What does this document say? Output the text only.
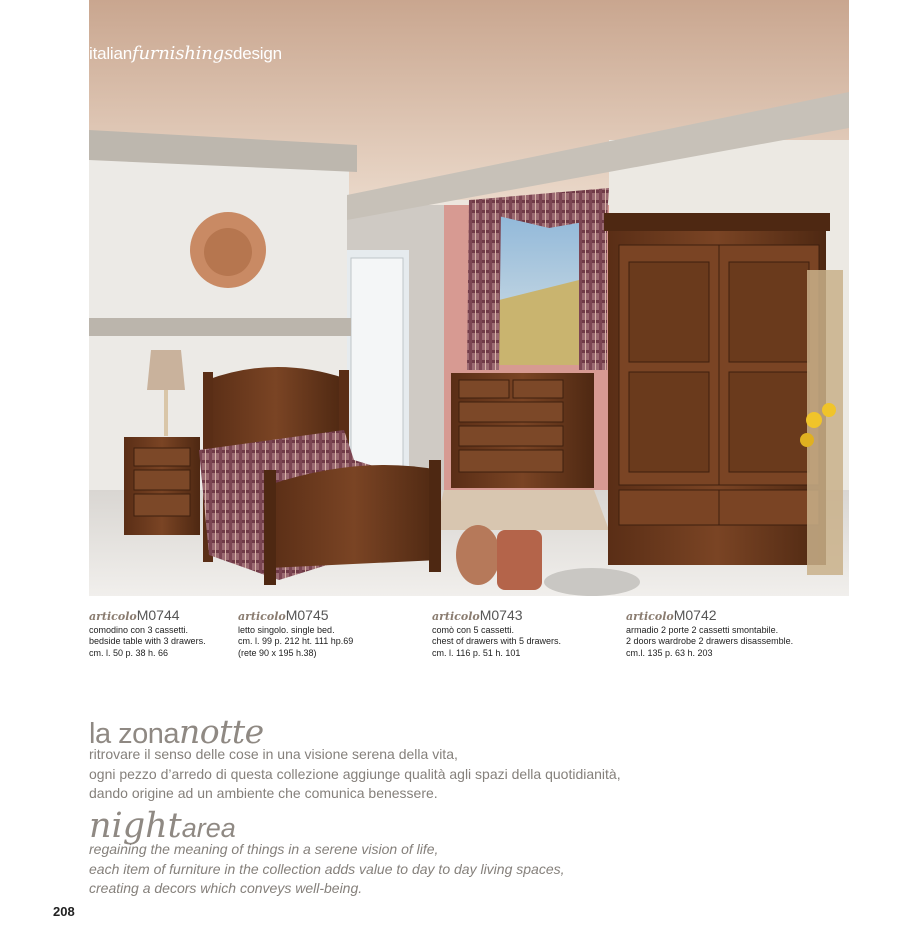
italianfurnishingsdesign
articolo M0744
comodino con 3 cassetti.
bedside table with 3 drawers.
cm. l. 50 p. 38 h. 66
articolo M0745
letto singolo. single bed.
cm. l. 99 p. 212 ht. 111 hp.69
(rete 90 x 195 h.38)
articolo M0743
comò con 5 cassetti.
chest of drawers with 5 drawers.
cm. l. 116 p. 51 h. 101
articolo M0742
armadio 2 porte 2 cassetti smontabile.
2 doors wardrobe 2 drawers disassemble.
cm.l. 135 p. 63 h. 203
la zonanotte
ritrovare il senso delle cose in una visione serena della vita,
ogni pezzo d’arredo di questa collezione aggiunge qualità agli spazi della quotidianità,
dando origine ad un ambiente che comunica benessere.
nightarea
regaining the meaning of things in a serene vision of life,
each item of furniture in the collection adds value to day to day living spaces,
creating a decors which conveys well-being.
208
